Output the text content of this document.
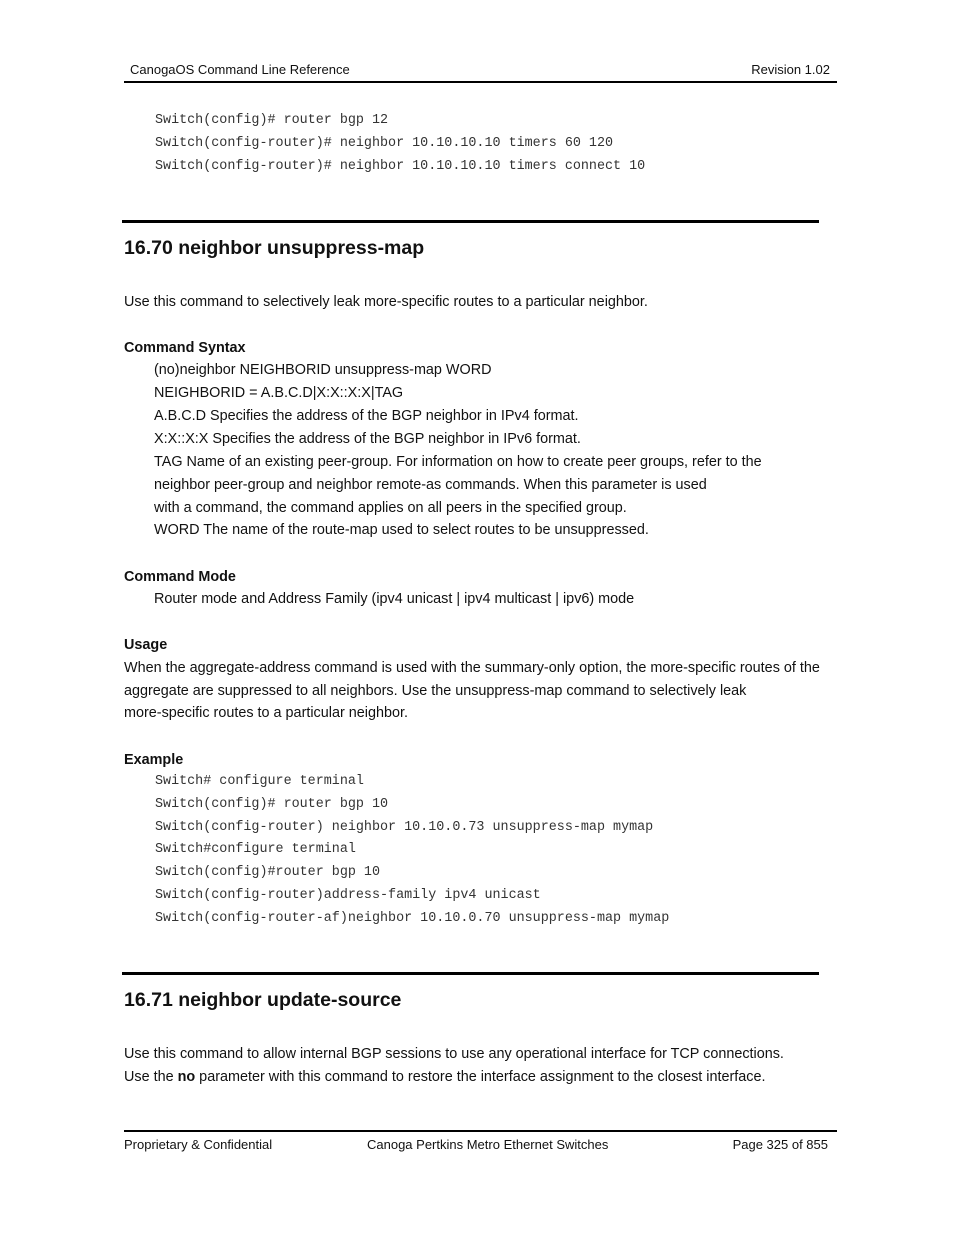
CanogaOS Command Line Reference	Revision 1.02
Switch(config)# router bgp 12
Switch(config-router)# neighbor 10.10.10.10 timers 60 120
Switch(config-router)# neighbor 10.10.10.10 timers connect 10
16.70 neighbor unsuppress-map
Use this command to selectively leak more-specific routes to a particular neighbor.
Command Syntax
(no)neighbor NEIGHBORID unsuppress-map WORD
NEIGHBORID = A.B.C.D|X:X::X:X|TAG
A.B.C.D Specifies the address of the BGP neighbor in IPv4 format.
X:X::X:X Specifies the address of the BGP neighbor in IPv6 format.
TAG Name of an existing peer-group. For information on how to create peer groups, refer to the
neighbor peer-group and neighbor remote-as commands. When this parameter is used
with a command, the command applies on all peers in the specified group.
WORD The name of the route-map used to select routes to be unsuppressed.
Command Mode
Router mode and Address Family (ipv4 unicast | ipv4 multicast | ipv6) mode
Usage
When the aggregate-address command is used with the summary-only option, the more-specific routes of the
aggregate are suppressed to all neighbors. Use the unsuppress-map command to selectively leak
more-specific routes to a particular neighbor.
Example
Switch# configure terminal
Switch(config)# router bgp 10
Switch(config-router) neighbor 10.10.0.73 unsuppress-map mymap
Switch#configure terminal
Switch(config)#router bgp 10
Switch(config-router)address-family ipv4 unicast
Switch(config-router-af)neighbor 10.10.0.70 unsuppress-map mymap
16.71 neighbor update-source
Use this command to allow internal BGP sessions to use any operational interface for TCP connections.
Use the no parameter with this command to restore the interface assignment to the closest interface.
Proprietary & Confidential	Canoga Pertkins Metro Ethernet Switches	Page 325 of 855
